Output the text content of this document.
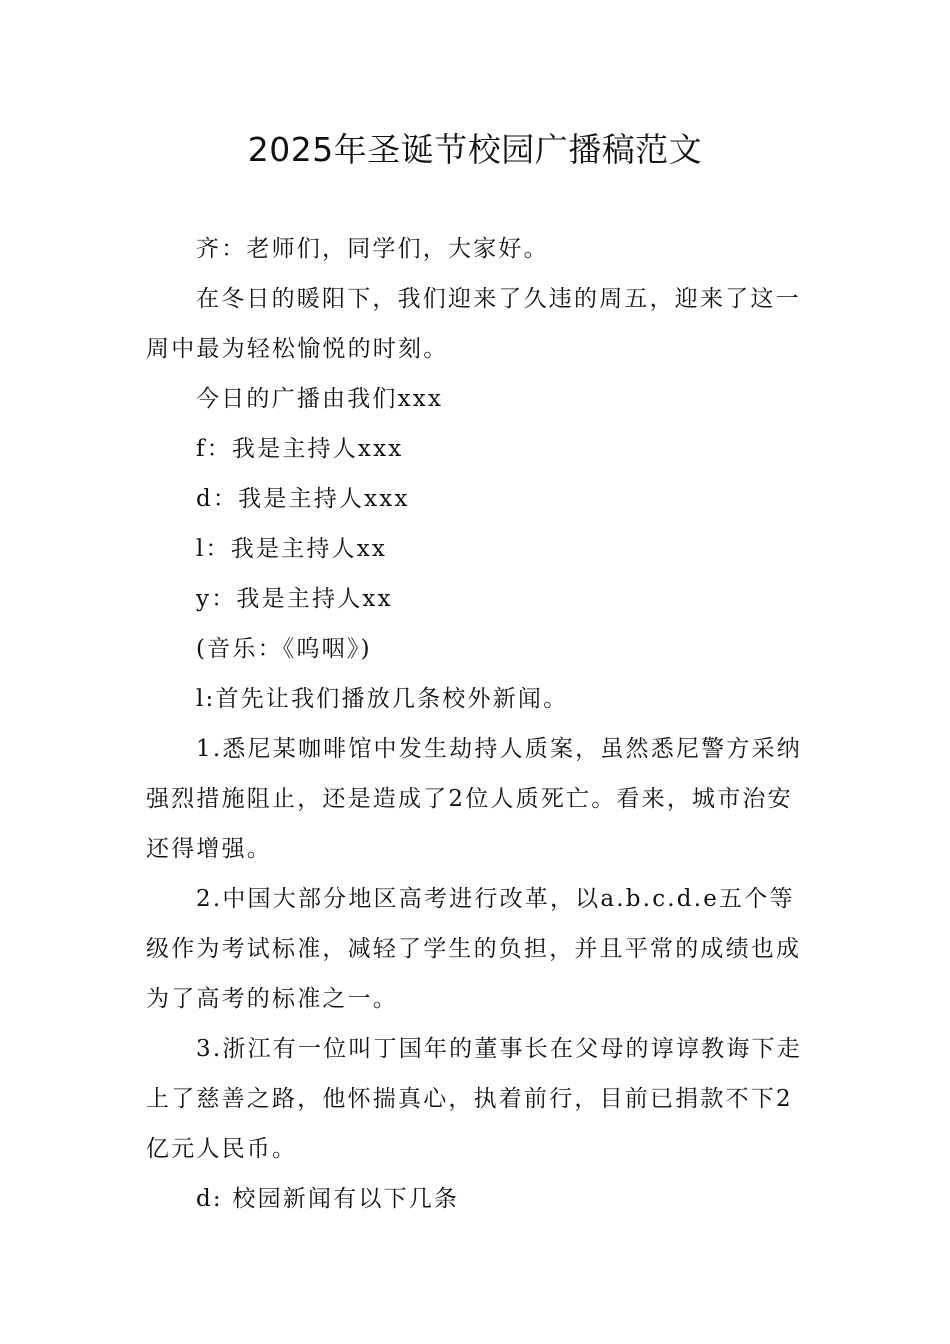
2025年圣诞节校园广播稿范文

齐：老师们，同学们，大家好。

在冬日的暖阳下，我们迎来了久违的周五，迎来了这一周中最为轻松愉悦的时刻。

今日的广播由我们xxx

f：我是主持人xxx

d：我是主持人xxx

l：我是主持人xx

y：我是主持人xx

(音乐：《呜咽》)

l:首先让我们播放几条校外新闻。

1.悉尼某咖啡馆中发生劫持人质案，虽然悉尼警方采纳强烈措施阻止，还是造成了2位人质死亡。看来，城市治安还得增强。

2.中国大部分地区高考进行改革，以a.b.c.d.e五个等级作为考试标准，减轻了学生的负担，并且平常的成绩也成为了高考的标准之一。

3.浙江有一位叫丁国年的董事长在父母的谆谆教诲下走上了慈善之路，他怀揣真心，执着前行，目前已捐款不下2亿元人民币。

d: 校园新闻有以下几条
